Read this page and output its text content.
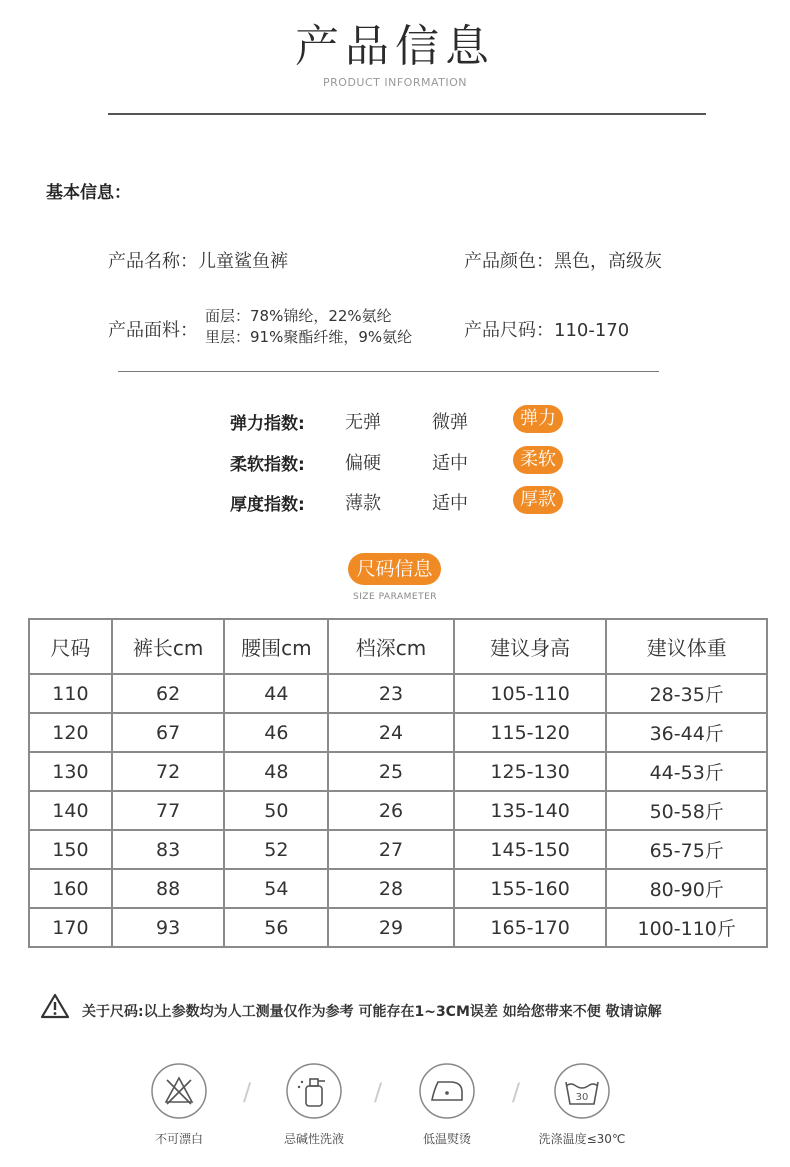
产品信息
PRODUCT INFORMATION
基本信息：
产品名称：儿童鲨鱼裤	产品颜色：黑色，高级灰
产品面料：
面层：78%锦纶，22%氨纶
里层：91%聚酯纤维，9%氨纶	产品尺码：110-170
弹力指数: 无弹	微弹	弹力
柔软指数: 偏硬	适中	柔软
厚度指数: 薄款	适中	厚款
尺码信息
SIZE PARAMETER
尺码	裤长cm	腰围cm	档深cm	建议身高	建议体重
110	62	44	23	105-110	28-35斤
120	67	46	24	115-120	36-44斤
130	72	48	25	125-130	44-53斤
140	77	50	26	135-140	50-58斤
150	83	52	27	145-150	65-75斤
160	88	54	28	155-160	80-90斤
170	93	56	29	165-170	100-110斤
关于尺码:以上参数均为人工测量仅作为参考 可能存在1~3CM误差 如给您带来不便 敬请谅解
不可漂白
/
忌碱性洗液
/
低温熨烫
/	30
洗涤温度≤30℃
